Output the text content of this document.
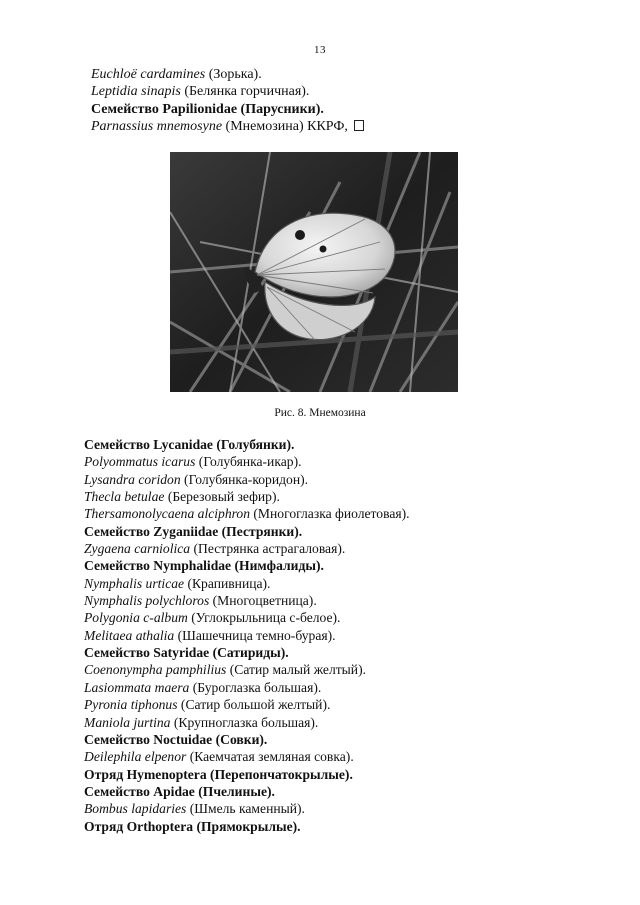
13
Euchloë cardamines (Зорька).
Leptidia sinapis (Белянка горчичная).
Семейство Papilionidae (Парусники).
Parnassius mnemosyne (Мнемозина) ККРФ,
Рис. 8. Мнемозина
Семейство Lycanidae (Голубянки).
Polyommatus icarus (Голубянка-икар).
Lysandra coridon (Голубянка-коридон).
Thecla betulae (Березовый зефир).
Thersamonolycaena alciphron (Многоглазка фиолетовая).
Семейство Zyganiidae (Пестрянки).
Zygaena carniolica (Пестрянка астрагаловая).
Семейство Nymphalidae (Нимфалиды).
Nymphalis urticae (Крапивница).
Nymphalis polychloros (Многоцветница).
Polygonia c-album (Углокрыльница с-белое).
Melitaea athalia (Шашечница темно-бурая).
Семейство Satyridae (Сатириды).
Coenonympha pamphilius (Сатир малый желтый).
Lasiommata maera (Буроглазка большая).
Pyronia tiphonus (Сатир большой желтый).
Maniola jurtina (Крупноглазка большая).
Семейство Noctuidae (Совки).
Deilephila elpenor (Каемчатая земляная совка).
Отряд Hymenoptera (Перепончатокрылые).
Семейство Apidae (Пчелиные).
Bombus lapidaries (Шмель каменный).
Отряд Orthoptera (Прямокрылые).
